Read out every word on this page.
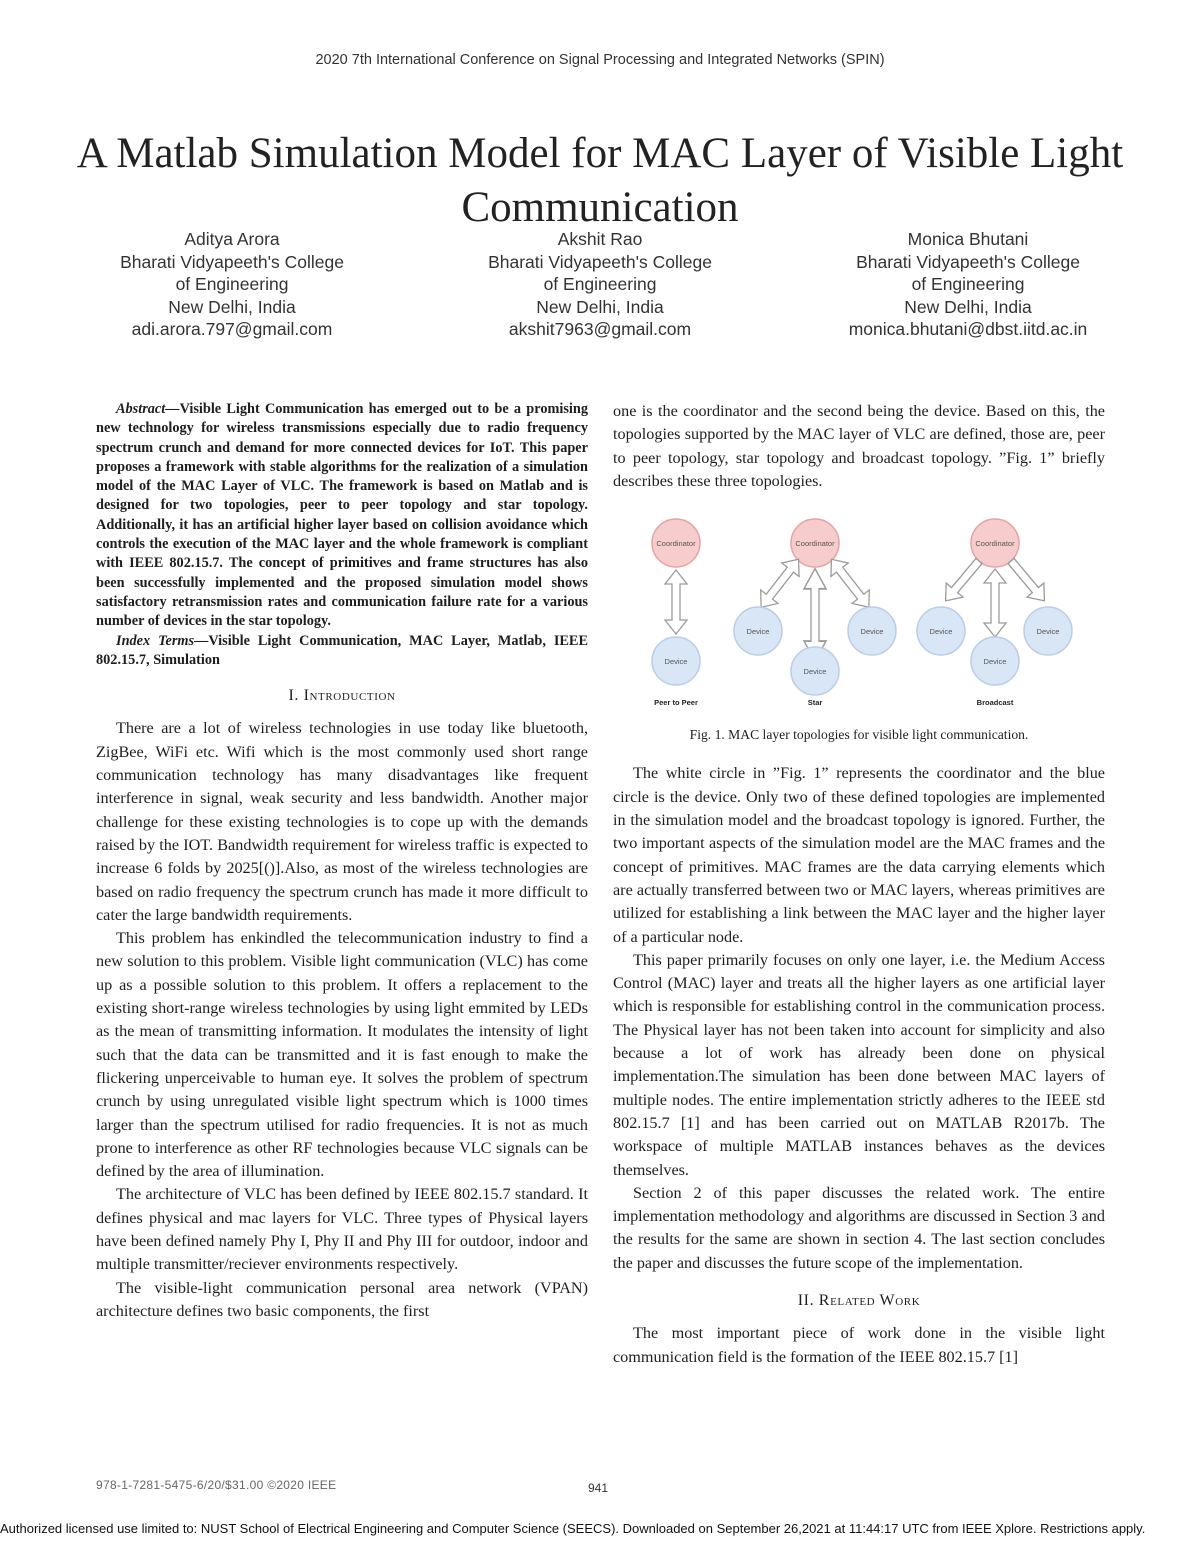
2020 7th International Conference on Signal Processing and Integrated Networks (SPIN)
A Matlab Simulation Model for MAC Layer of Visible Light Communication
Aditya Arora
Bharati Vidyapeeth's College
of Engineering
New Delhi, India
adi.arora.797@gmail.com
Akshit Rao
Bharati Vidyapeeth's College
of Engineering
New Delhi, India
akshit7963@gmail.com
Monica Bhutani
Bharati Vidyapeeth's College
of Engineering
New Delhi, India
monica.bhutani@dbst.iitd.ac.in

Abstract—Visible Light Communication has emerged out to be a promising new technology for wireless transmissions especially due to radio frequency spectrum crunch and demand for more connected devices for IoT. This paper proposes a framework with stable algorithms for the realization of a simulation model of the MAC Layer of VLC. The framework is based on Matlab and is designed for two topologies, peer to peer topology and star topology. Additionally, it has an artificial higher layer based on collision avoidance which controls the execution of the MAC layer and the whole framework is compliant with IEEE 802.15.7. The concept of primitives and frame structures has also been successfully implemented and the proposed simulation model shows satisfactory retransmission rates and communication failure rate for a various number of devices in the star topology.

Index Terms—Visible Light Communication, MAC Layer, Matlab, IEEE 802.15.7, Simulation

I. Introduction

There are a lot of wireless technologies in use today like bluetooth, ZigBee, WiFi etc. Wifi which is the most commonly used short range communication technology has many disadvantages like frequent interference in signal, weak security and less bandwidth. Another major challenge for these existing technologies is to cope up with the demands raised by the IOT. Bandwidth requirement for wireless traffic is expected to increase 6 folds by 2025[()].Also, as most of the wireless technologies are based on radio frequency the spectrum crunch has made it more difficult to cater the large bandwidth requirements.

This problem has enkindled the telecommunication industry to find a new solution to this problem. Visible light communication (VLC) has come up as a possible solution to this problem. It offers a replacement to the existing short-range wireless technologies by using light emmited by LEDs as the mean of transmitting information. It modulates the intensity of light such that the data can be transmitted and it is fast enough to make the flickering unperceivable to human eye. It solves the problem of spectrum crunch by using unregulated visible light spectrum which is 1000 times larger than the spectrum utilised for radio frequencies. It is not as much prone to interference as other RF technologies because VLC signals can be defined by the area of illumination.

The architecture of VLC has been defined by IEEE 802.15.7 standard. It defines physical and mac layers for VLC. Three types of Physical layers have been defined namely Phy I, Phy II and Phy III for outdoor, indoor and multiple transmitter/reciever environments respectively.

The visible-light communication personal area network (VPAN) architecture defines two basic components, the first

one is the coordinator and the second being the device. Based on this, the topologies supported by the MAC layer of VLC are defined, those are, peer to peer topology, star topology and broadcast topology. ”Fig. 1” briefly describes these three topologies.

Coordinator
Device
Peer to Peer
Coordinator
Device	Device
Device
Star
Coordinator
Device	Device
Device
Broadcast
Fig. 1. MAC layer topologies for visible light communication.

The white circle in ”Fig. 1” represents the coordinator and the blue circle is the device. Only two of these defined topologies are implemented in the simulation model and the broadcast topology is ignored. Further, the two important aspects of the simulation model are the MAC frames and the concept of primitives. MAC frames are the data carrying elements which are actually transferred between two or MAC layers, whereas primitives are utilized for establishing a link between the MAC layer and the higher layer of a particular node.

This paper primarily focuses on only one layer, i.e. the Medium Access Control (MAC) layer and treats all the higher layers as one artificial layer which is responsible for establishing control in the communication process. The Physical layer has not been taken into account for simplicity and also because a lot of work has already been done on physical implementation.The simulation has been done between MAC layers of multiple nodes. The entire implementation strictly adheres to the IEEE std 802.15.7 [1] and has been carried out on MATLAB R2017b. The workspace of multiple MATLAB instances behaves as the devices themselves.

Section 2 of this paper discusses the related work. The entire implementation methodology and algorithms are discussed in Section 3 and the results for the same are shown in section 4. The last section concludes the paper and discusses the future scope of the implementation.

II. Related Work

The most important piece of work done in the visible light communication field is the formation of the IEEE 802.15.7 [1]

978-1-7281-5475-6/20/$31.00 ©2020 IEEE	941
Authorized licensed use limited to: NUST School of Electrical Engineering and Computer Science (SEECS). Downloaded on September 26,2021 at 11:44:17 UTC from IEEE Xplore. Restrictions apply.
